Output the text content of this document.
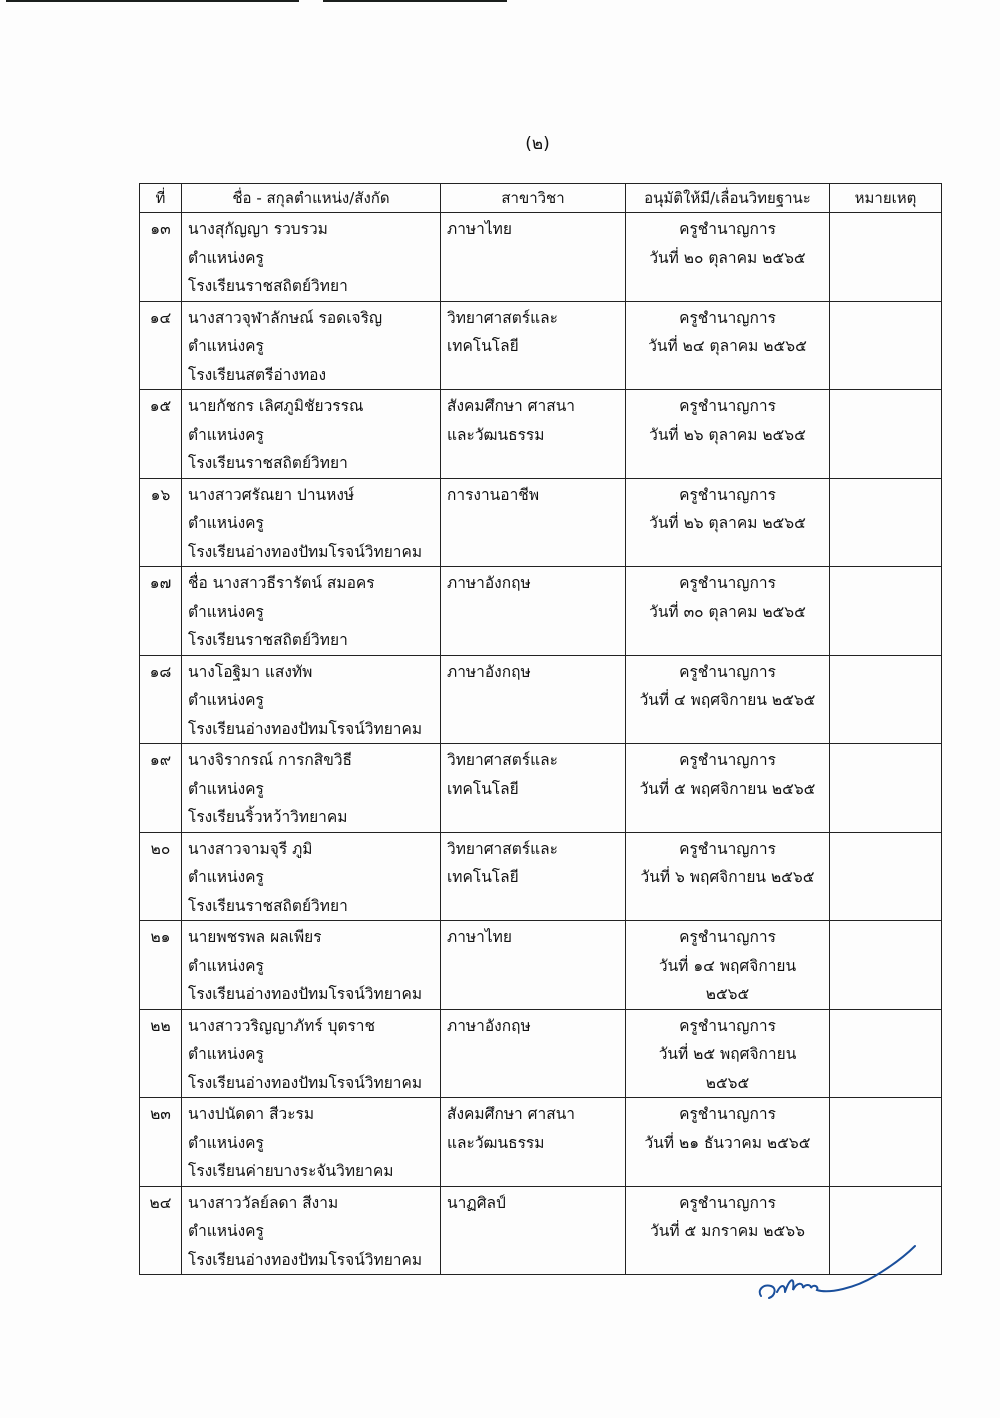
(๒)
ที่	ชื่อ - สกุลตำแหน่ง/สังกัด	สาขาวิชา	อนุมัติให้มี/เลื่อนวิทยฐานะ	หมายเหตุ

๑๓	นางสุกัญญา รวบรวม
ตำแหน่งครู
โรงเรียนราชสถิตย์วิทยา	ภาษาไทย	ครูชำนาญการ
วันที่ ๒๐ ตุลาคม ๒๕๖๕	

๑๔	นางสาวจุฬาลักษณ์ รอดเจริญ
ตำแหน่งครู
โรงเรียนสตรีอ่างทอง	วิทยาศาสตร์และ
เทคโนโลยี	ครูชำนาญการ
วันที่ ๒๔ ตุลาคม ๒๕๖๕	

๑๕	นายกัชกร เลิศภูมิชัยวรรณ
ตำแหน่งครู
โรงเรียนราชสถิตย์วิทยา	สังคมศึกษา ศาสนา
และวัฒนธรรม	ครูชำนาญการ
วันที่ ๒๖ ตุลาคม ๒๕๖๕	

๑๖	นางสาวศรัณยา ปานหงษ์
ตำแหน่งครู
โรงเรียนอ่างทองปัทมโรจน์วิทยาคม	การงานอาชีพ	ครูชำนาญการ
วันที่ ๒๖ ตุลาคม ๒๕๖๕	

๑๗	ชื่อ นางสาวธีรารัตน์ สมอคร
ตำแหน่งครู
โรงเรียนราชสถิตย์วิทยา	ภาษาอังกฤษ	ครูชำนาญการ
วันที่ ๓๐ ตุลาคม ๒๕๖๕	

๑๘	นางโอฐิมา แสงทัพ
ตำแหน่งครู
โรงเรียนอ่างทองปัทมโรจน์วิทยาคม	ภาษาอังกฤษ	ครูชำนาญการ
วันที่ ๔ พฤศจิกายน ๒๕๖๕	

๑๙	นางจิรากรณ์ การกสิขวิธี
ตำแหน่งครู
โรงเรียนริ้วหว้าวิทยาคม	วิทยาศาสตร์และ
เทคโนโลยี	ครูชำนาญการ
วันที่ ๕ พฤศจิกายน ๒๕๖๕	

๒๐	นางสาวจามจุรี ภูมิ
ตำแหน่งครู
โรงเรียนราชสถิตย์วิทยา	วิทยาศาสตร์และ
เทคโนโลยี	ครูชำนาญการ
วันที่ ๖ พฤศจิกายน ๒๕๖๕	

๒๑	นายพชรพล ผลเพียร
ตำแหน่งครู
โรงเรียนอ่างทองปัทมโรจน์วิทยาคม	ภาษาไทย	ครูชำนาญการ
วันที่ ๑๔ พฤศจิกายน
๒๕๖๕	

๒๒	นางสาววริญญาภัทร์ บุตราช
ตำแหน่งครู
โรงเรียนอ่างทองปัทมโรจน์วิทยาคม	ภาษาอังกฤษ	ครูชำนาญการ
วันที่ ๒๕ พฤศจิกายน
๒๕๖๕	

๒๓	นางปนัดดา สีวะรม
ตำแหน่งครู
โรงเรียนค่ายบางระจันวิทยาคม	สังคมศึกษา ศาสนา
และวัฒนธรรม	ครูชำนาญการ
วันที่ ๒๑ ธันวาคม ๒๕๖๕	

๒๔	นางสาววัลย์ลดา สีงาม
ตำแหน่งครู
โรงเรียนอ่างทองปัทมโรจน์วิทยาคม	นาฏศิลป์	ครูชำนาญการ
วันที่ ๕ มกราคม ๒๕๖๖	
